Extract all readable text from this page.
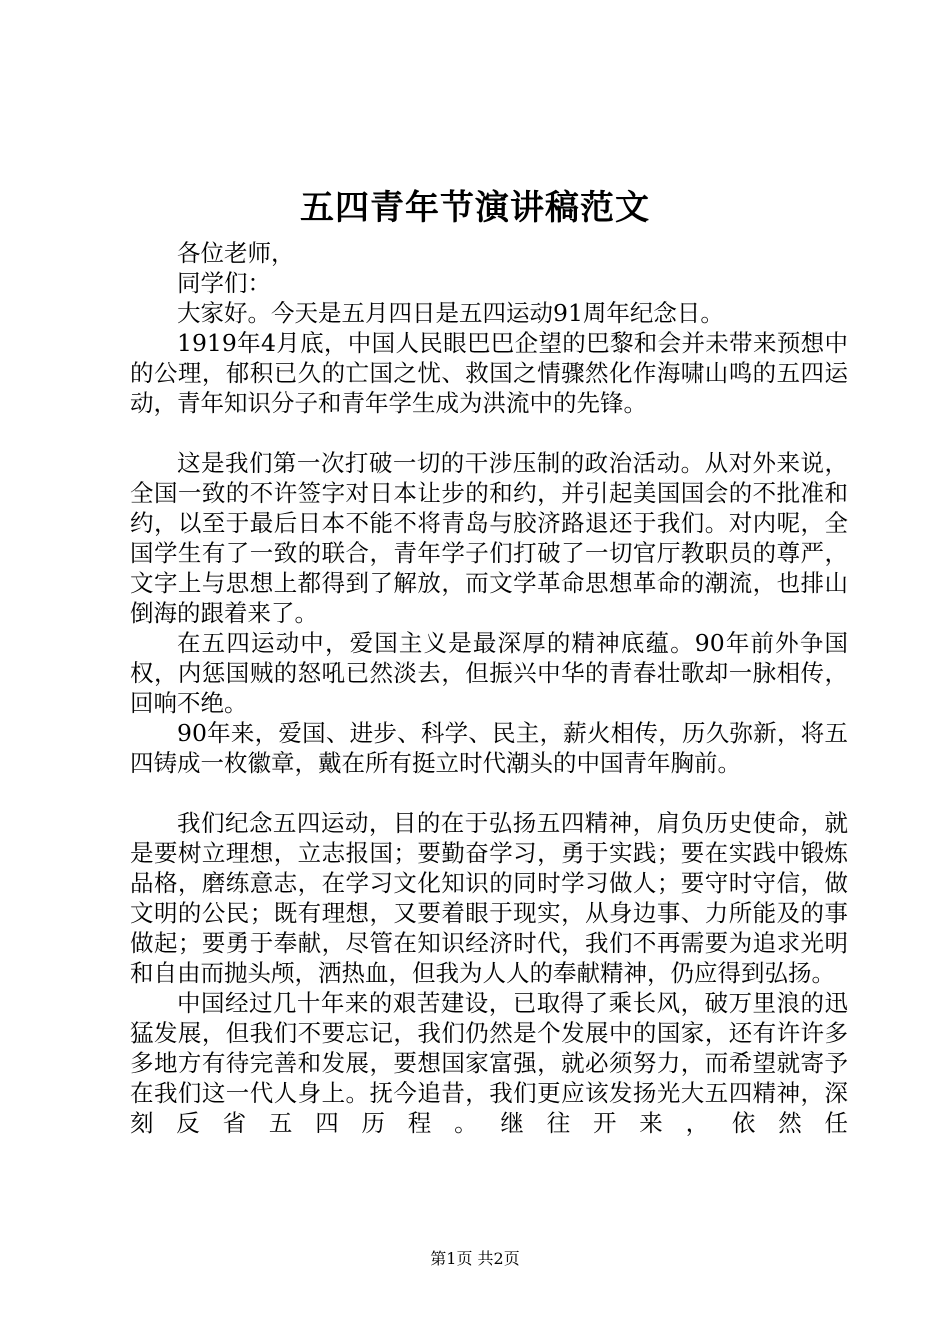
五四青年节演讲稿范文

各位老师，

同学们：

大家好。今天是五月四日是五四运动91周年纪念日。

1919年4月底，中国人民眼巴巴企望的巴黎和会并未带来预想中的公理，郁积已久的亡国之忧、救国之情骤然化作海啸山鸣的五四运动，青年知识分子和青年学生成为洪流中的先锋。

这是我们第一次打破一切的干涉压制的政治活动。从对外来说，全国一致的不许签字对日本让步的和约，并引起美国国会的不批准和约，以至于最后日本不能不将青岛与胶济路退还于我们。对内呢，全国学生有了一致的联合，青年学子们打破了一切官厅教职员的尊严，文字上与思想上都得到了解放，而文学革命思想革命的潮流，也排山倒海的跟着来了。

在五四运动中，爱国主义是最深厚的精神底蕴。90年前外争国权，内惩国贼的怒吼已然淡去，但振兴中华的青春壮歌却一脉相传，回响不绝。

90年来，爱国、进步、科学、民主，薪火相传，历久弥新，将五四铸成一枚徽章，戴在所有挺立时代潮头的中国青年胸前。

我们纪念五四运动，目的在于弘扬五四精神，肩负历史使命，就是要树立理想，立志报国；要勤奋学习，勇于实践；要在实践中锻炼品格，磨练意志，在学习文化知识的同时学习做人；要守时守信，做文明的公民；既有理想，又要着眼于现实，从身边事、力所能及的事做起；要勇于奉献，尽管在知识经济时代，我们不再需要为追求光明和自由而抛头颅，洒热血，但我为人人的奉献精神，仍应得到弘扬。

中国经过几十年来的艰苦建设，已取得了乘长风，破万里浪的迅猛发展，但我们不要忘记，我们仍然是个发展中的国家，还有许许多多地方有待完善和发展，要想国家富强，就必须努力，而希望就寄予在我们这一代人身上。抚今追昔，我们更应该发扬光大五四精神，深刻反省五四历程。继往开来，依然任

第1页 共2页
